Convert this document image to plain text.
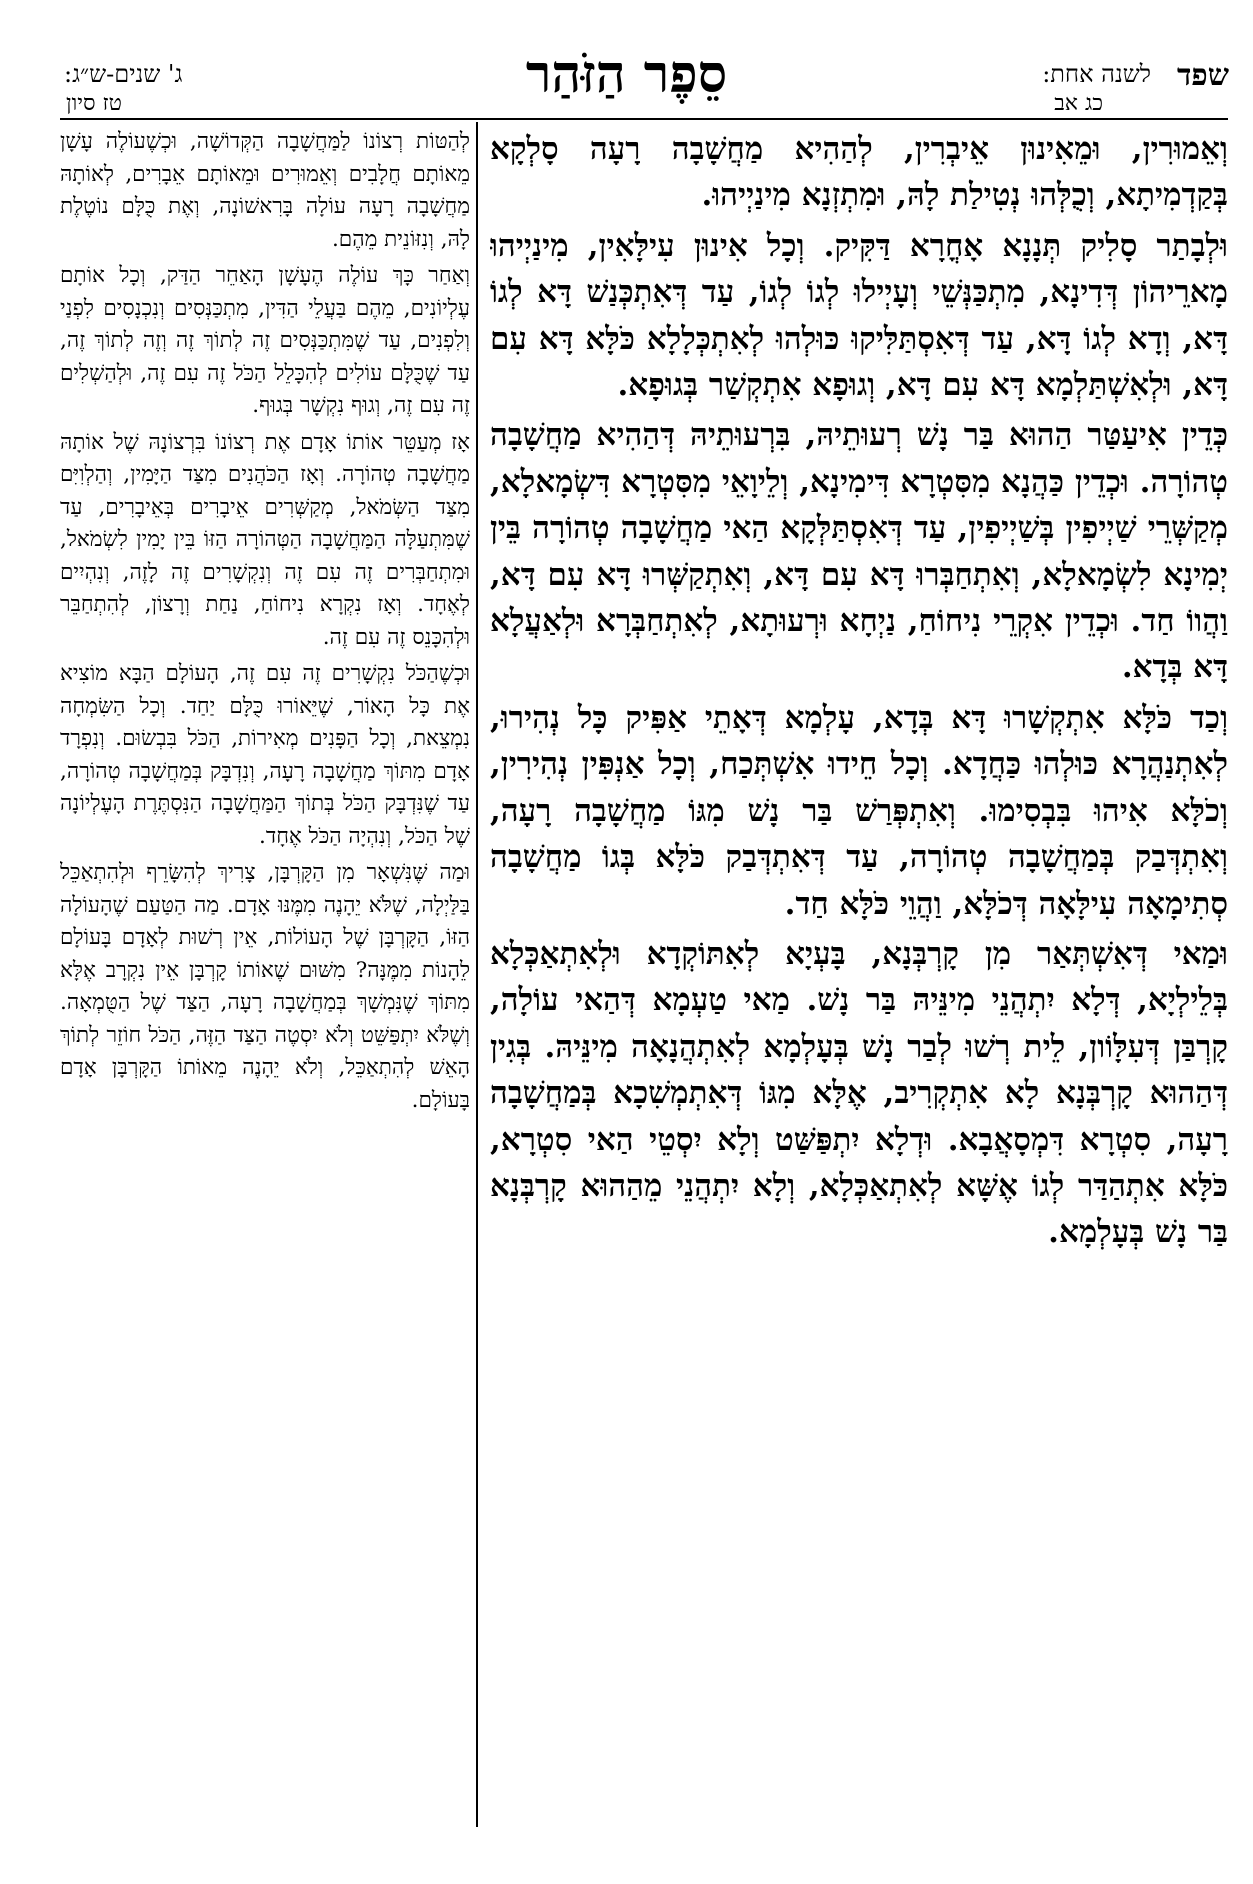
שפד
לשנה אחת:
כג אב
סֵפֶר הַזֹּהַר
ג' שנים-ש״ג:
טז סיון

וְאֵמוּרִין, וּמֵאִינוּן אֵיבְרִין, לְהַהִיא מַחֲשָׁבָה רָעָה סָלְקָא בְּקַדְמִיתָא, וְכֻלְּהוּ נְטִילַת לָהּ, וּמִתְזְנָא מִינַיְיהוּ.

וּלְבָתַר סָלִיק תְּנָנָא אָחֳרָא דַּקִּיק. וְכָל אִינוּן עִילָּאִין, מִינַיְיהוּ מָארֵיהוֹן דְּדִינָא, מִתְכַּנְּשֵׁי וְעָיְילוּ לְגוֹ לְגוֹ, עַד דְּאִתְכְּנַשׁ דָּא לְגוֹ דָּא, וְדָא לְגוֹ דָּא, עַד דְּאִסְתַּלִּיקוּ כּוּלְהוּ לְאִתְכְּלָלָא כֹּלָּא דָּא עִם דָּא, וּלְאִשְׁתַּלְמָא דָּא עִם דָּא, וְגוּפָא אִתְקְשַׁר בְּגוּפָא.

כְּדֵין אִיעַטַּר הַהוּא בַּר נָשׁ רְעוּתֵיהּ, בִּרְעוּתֵיהּ דְּהַהִיא מַחֲשָׁבָה טְהוֹרָה. וּכְדֵין כַּהֲנָא מִסִּטְרָא דִּימִינָא, וְלֵיוָאֵי מִסִּטְרָא דִּשְׂמָאלָא, מְקַשְּׁרֵי שַׁיְיפִין בְּשַׁיְיפִין, עַד דְּאִסְתַּלְּקָא הַאי מַחֲשָׁבָה טְהוֹרָה בֵּין יְמִינָא לִשְׂמָאלָא, וְאִתְחַבְּרוּ דָּא עִם דָּא, וְאִתְקַשְּׁרוּ דָּא עִם דָּא, וַהֲווֹ חַד. וּכְדֵין אִקְרֵי נִיחוֹחַ, נַיְחָא וּרְעוּתָא, לְאִתְחַבְּרָא וּלְאַעֲלָא דָּא בְּדָא.

וְכַד כֹּלָּא אִתְקְשָׁרוּ דָּא בְּדָא, עָלְמָא דְּאָתֵי אַפִּיק כָּל נְהִירוּ, לְאִתְנַהֲרָא כּוּלְהוּ כַּחֲדָא. וְכָל חֵידוּ אִשְׁתְּכַח, וְכָל אַנְפִּין נְהִירִין, וְכֹלָּא אִיהוּ בִּבְסִימוּ. וְאִתְפְּרַשׁ בַּר נָשׁ מִגּוֹ מַחֲשָׁבָה רָעָה, וְאִתְדְּבַק בְּמַחֲשָׁבָה טְהוֹרָה, עַד דְּאִתְדְּבַק כֹּלָּא בְּגוֹ מַחֲשָׁבָה סְתִימָאָה עִילָּאָה דְּכֹלָּא, וַהֲוֵי כֹּלָּא חַד.

וּמַאי דְּאִשְׁתְּאַר מִן קָרְבְּנָא, בָּעְיָא לְאִתּוֹקְדָא וּלְאִתְאַכְּלָא בְּלֵילְיָא, דְּלָא יִתְהֲנֵי מִינֵּיהּ בַּר נָשׁ. מַאי טַעְמָא דְּהַאי עוֹלָה, קָרְבַּן דְּעִלָּוֹון, לֵית רְשׁוּ לְבַר נָשׁ בְּעָלְמָא לְאִתְהֲנָאָה מִינֵּיהּ. בְּגִין דְּהַהוּא קָרְבְּנָא לָא אִתְקְרִיב, אֶלָּא מִגּוֹ דְּאִתְמְשִׁכָא בְּמַחֲשָׁבָה רָעָה, סִטְרָא דִּמְסָאֲבָא. וּדְלָא יִתְפַּשַּׁט וְלָא יִסְטֵי הַאי סִטְרָא, כֹּלָּא אִתְהַדַּר לְגוֹ אֶשָּׁא לְאִתְאַכְּלָא, וְלָא יִתְהֲנֵי מֵהַהוּא קָרְבְּנָא בַּר נָשׁ בְּעָלְמָא.

לְהַטּוֹת רְצוֹנוֹ לַמַּחֲשָׁבָה הַקְּדוֹשָׁה, וּכְשֶׁעוֹלֶה עָשָׁן מֵאוֹתָם חֲלָבִים וְאֵמוּרִים וּמֵאוֹתָם אֵבָרִים, לְאוֹתָהּ מַחֲשָׁבָה רָעָה עוֹלָה בָּרִאשׁוֹנָה, וְאֶת כֻּלָּם נוֹטֶלֶת לָהּ, וְנִזּוֹנֵית מֵהֶם.

וְאַחַר כָּךְ עוֹלֶה הֶעָשָׁן הָאַחֵר הַדַּק, וְכָל אוֹתָם עֶלְיוֹנִים, מֵהֶם בַּעֲלֵי הַדִּין, מִתְכַּנְּסִים וְנִכְנָסִים לִפְנַי וְלִפְנִים, עַד שֶׁמִּתְכַּנְּסִים זֶה לְתוֹךְ זֶה וְזֶה לְתוֹךְ זֶה, עַד שֶׁכֻּלָּם עוֹלִים לְהִכָּלֵל הַכֹּל זֶה עִם זֶה, וּלְהַשְׁלִים זֶה עִם זֶה, וְגוּף נִקְשָׁר בְּגוּף.

אָז מְעַטֵּר אוֹתוֹ אָדָם אֶת רְצוֹנוֹ בִּרְצוֹנָהּ שֶׁל אוֹתָהּ מַחֲשָׁבָה טְהוֹרָה. וְאָז הַכֹּהֲנִים מִצַּד הַיָּמִין, וְהַלְוִיִּם מִצַּד הַשְּׂמֹאל, מְקַשְּׁרִים אֵיבָרִים בְּאֵיבָרִים, עַד שֶׁמִּתְעַלָּה הַמַּחֲשָׁבָה הַטְּהוֹרָה הַזּוֹ בֵּין יָמִין לִשְׂמֹאל, וּמִתְחַבְּרִים זֶה עִם זֶה וְנִקְשָׁרִים זֶה לָזֶה, וְנִהְיִים לְאֶחָד. וְאָז נִקְרָא נִיחוֹחַ, נַחַת וְרָצוֹן, לְהִתְחַבֵּר וּלְהִכָּנֵס זֶה עִם זֶה.

וּכְשֶׁהַכֹּל נִקְשָׁרִים זֶה עִם זֶה, הָעוֹלָם הַבָּא מוֹצִיא אֶת כָּל הָאוֹר, שֶׁיֵּאוֹרוּ כֻּלָּם יַחַד. וְכָל הַשִּׂמְחָה נִמְצֵאת, וְכָל הַפָּנִים מְאִירוֹת, הַכֹּל בִּבְשׂוּם. וְנִפְרָד אָדָם מִתּוֹךְ מַחֲשָׁבָה רָעָה, וְנִדְבָּק בְּמַחֲשָׁבָה טְהוֹרָה, עַד שֶׁנִּדְבָּק הַכֹּל בְּתוֹךְ הַמַּחֲשָׁבָה הַנִּסְתֶּרֶת הָעֶלְיוֹנָה שֶׁל הַכֹּל, וְנִהְיָה הַכֹּל אֶחָד.

וּמַה שֶּׁנִּשְׁאָר מִן הַקָּרְבָּן, צָרִיךְ לְהִשָּׂרֵף וּלְהִתְאַכֵּל בַּלַּיְלָה, שֶׁלֹּא יֵהָנֶה מִמֶּנּוּ אָדָם. מַה הַטַּעַם שֶׁהָעוֹלָה הַזּוֹ, הַקָּרְבָּן שֶׁל הָעוֹלוֹת, אֵין רְשׁוּת לְאָדָם בָּעוֹלָם לֵהָנוֹת מִמֶּנָּה? מִשּׁוּם שֶׁאוֹתוֹ קָרְבָּן אֵין נִקְרָב אֶלָּא מִתּוֹךְ שֶׁנִּמְשָׁךְ בְּמַחֲשָׁבָה רָעָה, הַצַּד שֶׁל הַטֻּמְאָה. וְשֶׁלֹּא יִתְפַּשֵּׁט וְלֹא יִסְטֶה הַצַּד הַזֶּה, הַכֹּל חוֹזֵר לְתוֹךְ הָאֵשׁ לְהִתְאַכֵּל, וְלֹא יֵהָנֶה מֵאוֹתוֹ הַקָּרְבָּן אָדָם בָּעוֹלָם.
